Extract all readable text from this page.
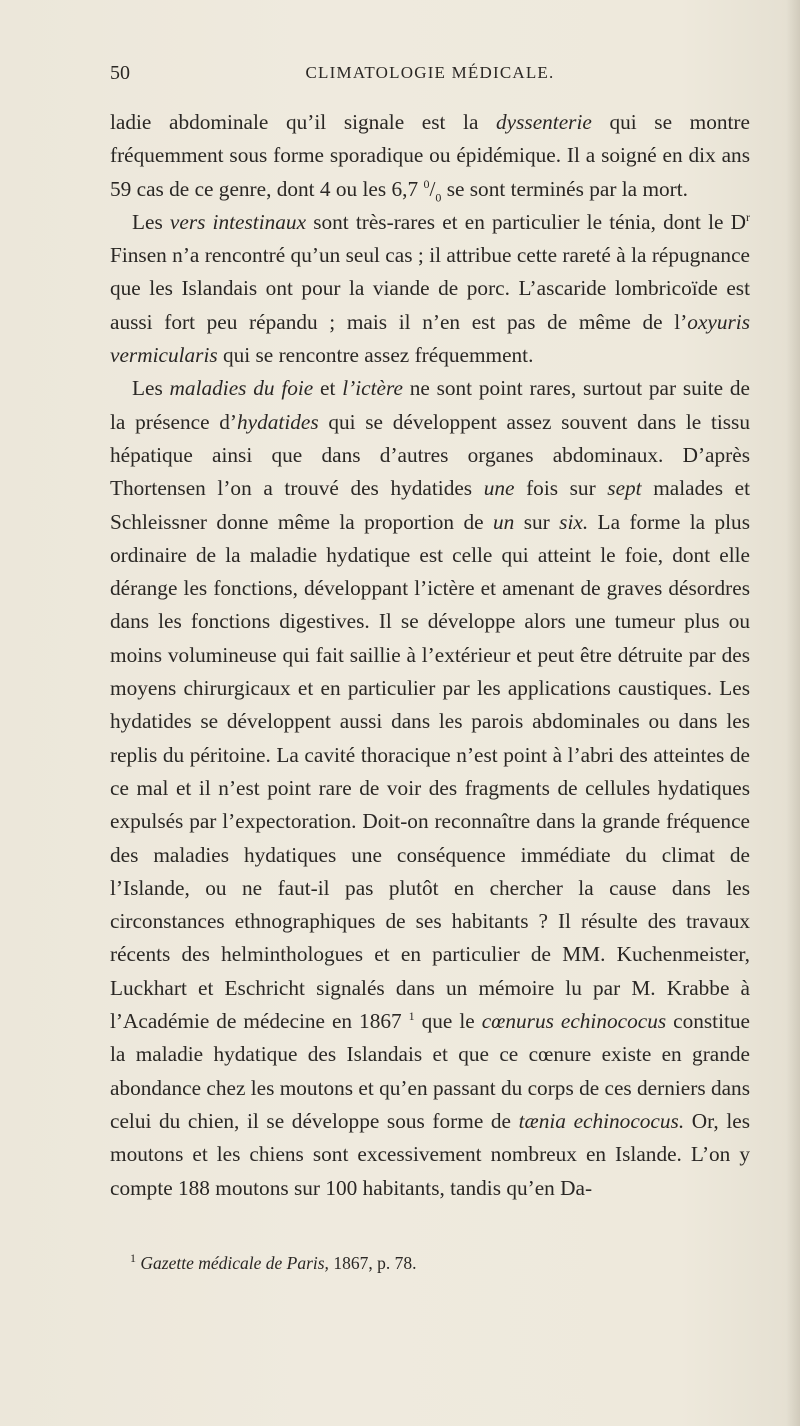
50	CLIMATOLOGIE MÉDICALE.

ladie abdominale qu’il signale est la dyssenterie qui se montre fréquemment sous forme sporadique ou épidémique. Il a soigné en dix ans 59 cas de ce genre, dont 4 ou les 6,7 $^0/_0$ se sont terminés par la mort.

Les vers intestinaux sont très-rares et en particulier le ténia, dont le $D^r$ Finsen n’a rencontré qu’un seul cas ; il attribue cette rareté à la répugnance que les Islandais ont pour la viande de porc. L’ascaride lombricoïde est aussi fort peu répandu ; mais il n’en est pas de même de l’oxyuris vermicularis qui se rencontre assez fréquemment.

Les maladies du foie et l’ictère ne sont point rares, surtout par suite de la présence d’hydatides qui se développent assez souvent dans le tissu hépatique ainsi que dans d’autres organes abdominaux. D’après Thortensen l’on a trouvé des hydatides une fois sur sept malades et Schleissner donne même la proportion de un sur six. La forme la plus ordinaire de la maladie hydatique est celle qui atteint le foie, dont elle dérange les fonctions, développant l’ictère et amenant de graves désordres dans les fonctions digestives. Il se développe alors une tumeur plus ou moins volumineuse qui fait saillie à l’extérieur et peut être détruite par des moyens chirurgicaux et en particulier par les applications caustiques. Les hydatides se développent aussi dans les parois abdominales ou dans les replis du péritoine. La cavité thoracique n’est point à l’abri des atteintes de ce mal et il n’est point rare de voir des fragments de cellules hydatiques expulsés par l’expectoration. Doit-on reconnaître dans la grande fréquence des maladies hydatiques une conséquence immédiate du climat de l’Islande, ou ne faut-il pas plutôt en chercher la cause dans les circonstances ethnographiques de ses habitants ? Il résulte des travaux récents des helminthologues et en particulier de MM. Kuchenmeister, Luckhart et Eschricht signalés dans un mémoire lu par M. Krabbe à l’Académie de médecine en 1867 $^1$ que le cœnurus echinococus constitue la maladie hydatique des Islandais et que ce cœnure existe en grande abondance chez les moutons et qu’en passant du corps de ces derniers dans celui du chien, il se développe sous forme de tænia echinococus. Or, les moutons et les chiens sont excessivement nombreux en Islande. L’on y compte 188 moutons sur 100 habitants, tandis qu’en Da-

$^1$ Gazette médicale de Paris, 1867, p. 78.
